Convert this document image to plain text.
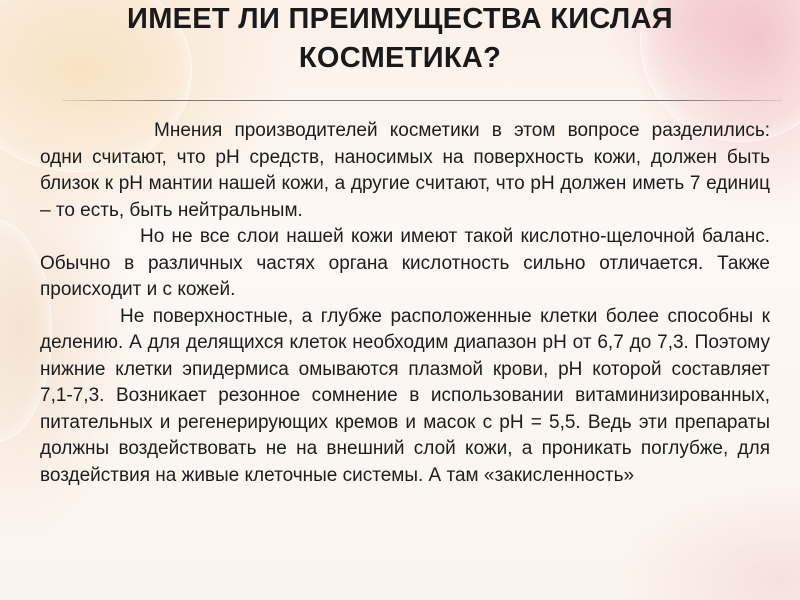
ИМЕЕТ ЛИ ПРЕИМУЩЕСТВА КИСЛАЯ
КОСМЕТИКА?

Мнения производителей косметики в этом вопросе разделились: одни считают, что рН средств, наносимых на поверхность кожи, должен быть близок к рН мантии нашей кожи, а другие считают, что рН должен иметь 7 единиц – то есть, быть нейтральным.

Но не все слои нашей кожи имеют такой кислотно-щелочной баланс. Обычно в различных частях органа кислотность сильно отличается. Также происходит и с кожей.

Не поверхностные, а глубже расположенные клетки более способны к делению. А для делящихся клеток необходим диапазон рН от 6,7 до 7,3. Поэтому нижние клетки эпидермиса омываются плазмой крови, рН которой составляет 7,1-7,3. Возникает резонное сомнение в использовании витаминизированных, питательных и регенерирующих кремов и масок с рН = 5,5. Ведь эти препараты должны воздействовать не на внешний слой кожи, а проникать поглубже, для воздействия на живые клеточные системы. А там «закисленность»
